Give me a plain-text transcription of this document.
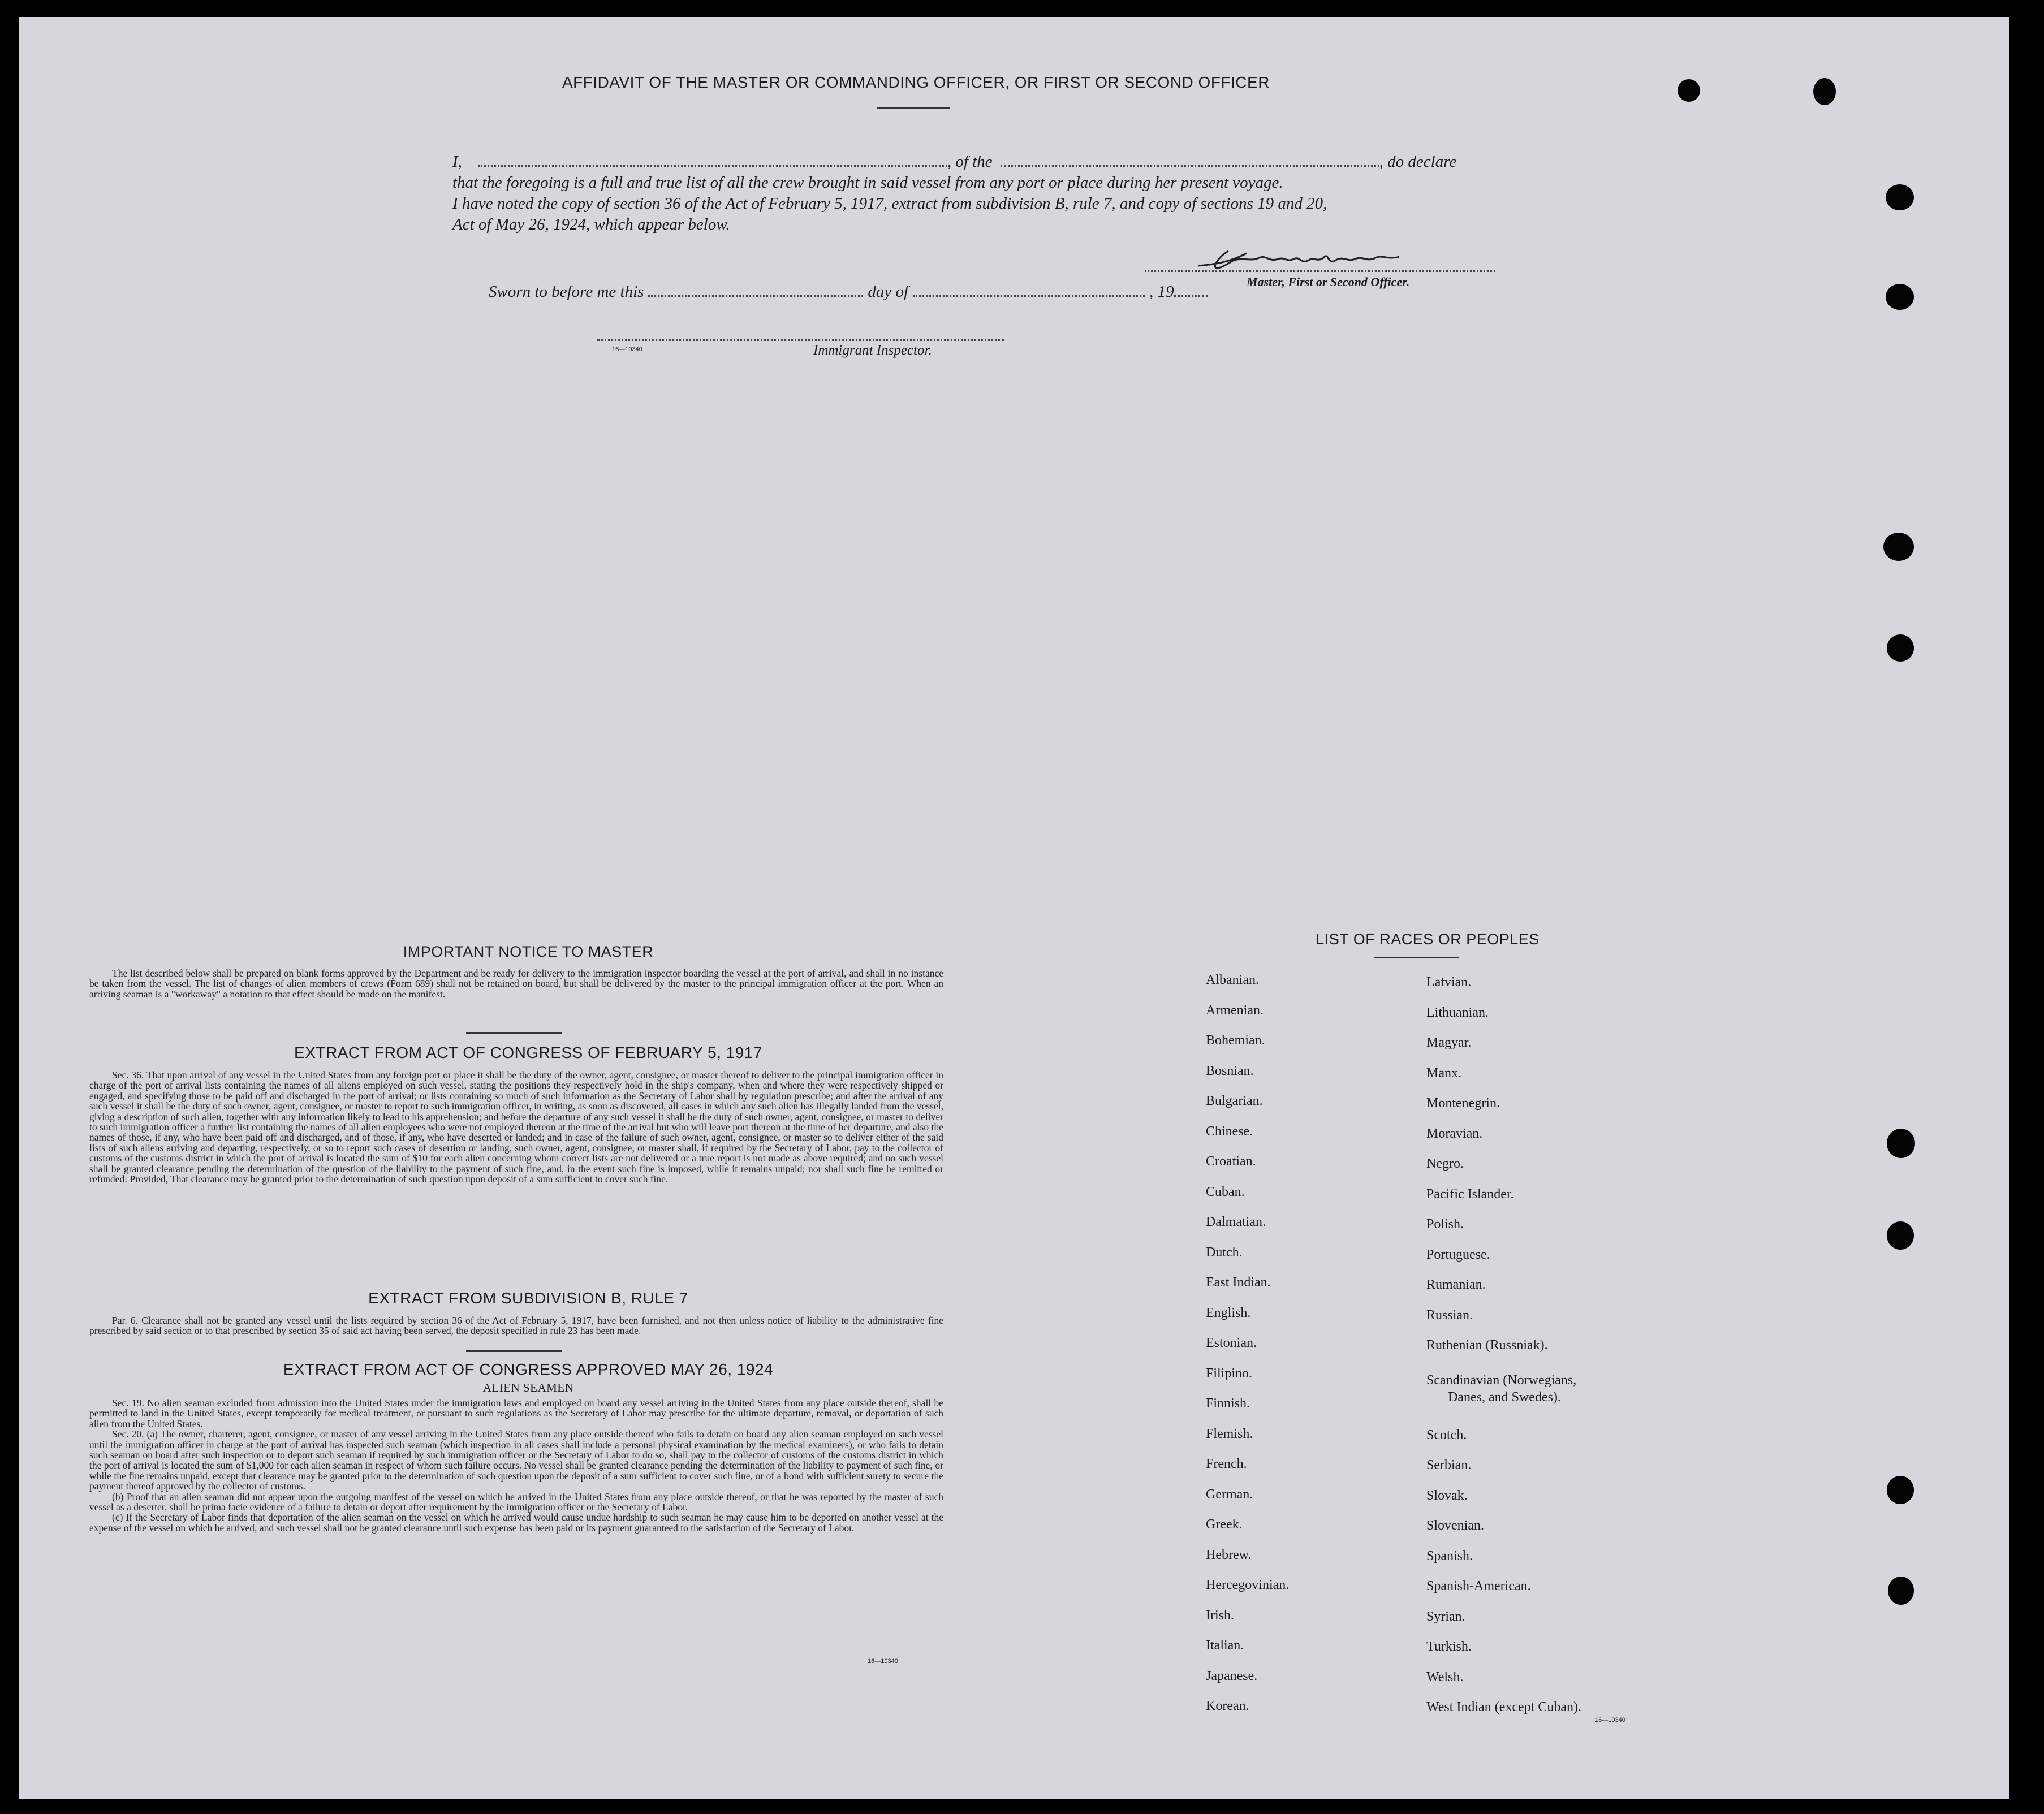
AFFIDAVIT OF THE MASTER OR COMMANDING OFFICER, OR FIRST OR SECOND OFFICER
I,	, of the	, do declare
that the foregoing is a full and true list of all the crew brought in said vessel from any port or place during her present voyage.
I have noted the copy of section 36 of the Act of February 5, 1917, extract from subdivision B, rule 7, and copy of sections 19 and 20,
Act of May 26, 1924, which appear below.
Master, First or Second Officer.
Sworn to before me this	day of	, 19
16—10340	Immigrant Inspector.
IMPORTANT NOTICE TO MASTER

The list described below shall be prepared on blank forms approved by the Department and be ready for delivery to the immigration inspector boarding the vessel at the port of arrival, and shall in no instance be taken from the vessel. The list of changes of alien members of crews (Form 689) shall not be retained on board, but shall be delivered by the master to the principal immigration officer at the port. When an arriving seaman is a "workaway" a notation to that effect should be made on the manifest.

EXTRACT FROM ACT OF CONGRESS OF FEBRUARY 5, 1917

Sec. 36. That upon arrival of any vessel in the United States from any foreign port or place it shall be the duty of the owner, agent, consignee, or master thereof to deliver to the principal immigration officer in charge of the port of arrival lists containing the names of all aliens employed on such vessel, stating the positions they respectively hold in the ship's company, when and where they were respectively shipped or engaged, and specifying those to be paid off and discharged in the port of arrival; or lists containing so much of such information as the Secretary of Labor shall by regulation prescribe; and after the arrival of any such vessel it shall be the duty of such owner, agent, consignee, or master to report to such immigration officer, in writing, as soon as discovered, all cases in which any such alien has illegally landed from the vessel, giving a description of such alien, together with any information likely to lead to his apprehension; and before the departure of any such vessel it shall be the duty of such owner, agent, consignee, or master to deliver to such immigration officer a further list containing the names of all alien employees who were not employed thereon at the time of the arrival but who will leave port thereon at the time of her departure, and also the names of those, if any, who have been paid off and discharged, and of those, if any, who have deserted or landed; and in case of the failure of such owner, agent, consignee, or master so to deliver either of the said lists of such aliens arriving and departing, respectively, or so to report such cases of desertion or landing, such owner, agent, consignee, or master shall, if required by the Secretary of Labor, pay to the collector of customs of the customs district in which the port of arrival is located the sum of $10 for each alien concerning whom correct lists are not delivered or a true report is not made as above required; and no such vessel shall be granted clearance pending the determination of the question of the liability to the payment of such fine, and, in the event such fine is imposed, while it remains unpaid; nor shall such fine be remitted or refunded: Provided, That clearance may be granted prior to the determination of such question upon deposit of a sum sufficient to cover such fine.

EXTRACT FROM SUBDIVISION B, RULE 7

Par. 6. Clearance shall not be granted any vessel until the lists required by section 36 of the Act of February 5, 1917, have been furnished, and not then unless notice of liability to the administrative fine prescribed by said section or to that prescribed by section 35 of said act having been served, the deposit specified in rule 23 has been made.

EXTRACT FROM ACT OF CONGRESS APPROVED MAY 26, 1924
ALIEN SEAMEN

Sec. 19. No alien seaman excluded from admission into the United States under the immigration laws and employed on board any vessel arriving in the United States from any place outside thereof, shall be permitted to land in the United States, except temporarily for medical treatment, or pursuant to such regulations as the Secretary of Labor may prescribe for the ultimate departure, removal, or deportation of such alien from the United States.

Sec. 20. (a) The owner, charterer, agent, consignee, or master of any vessel arriving in the United States from any place outside thereof who fails to detain on board any alien seaman employed on such vessel until the immigration officer in charge at the port of arrival has inspected such seaman (which inspection in all cases shall include a personal physical examination by the medical examiners), or who fails to detain such seaman on board after such inspection or to deport such seaman if required by such immigration officer or the Secretary of Labor to do so, shall pay to the collector of customs of the customs district in which the port of arrival is located the sum of $1,000 for each alien seaman in respect of whom such failure occurs. No vessel shall be granted clearance pending the determination of the liability to payment of such fine, or while the fine remains unpaid, except that clearance may be granted prior to the determination of such question upon the deposit of a sum sufficient to cover such fine, or of a bond with sufficient surety to secure the payment thereof approved by the collector of customs.

(b) Proof that an alien seaman did not appear upon the outgoing manifest of the vessel on which he arrived in the United States from any place outside thereof, or that he was reported by the master of such vessel as a deserter, shall be prima facie evidence of a failure to detain or deport after requirement by the immigration officer or the Secretary of Labor.

(c) If the Secretary of Labor finds that deportation of the alien seaman on the vessel on which he arrived would cause undue hardship to such seaman he may cause him to be deported on another vessel at the expense of the vessel on which he arrived, and such vessel shall not be granted clearance until such expense has been paid or its payment guaranteed to the satisfaction of the Secretary of Labor.

16—10340
LIST OF RACES OR PEOPLES
Albanian.
Armenian.
Bohemian.
Bosnian.
Bulgarian.
Chinese.
Croatian.
Cuban.
Dalmatian.
Dutch.
East Indian.
English.
Estonian.
Filipino.
Finnish.
Flemish.
French.
German.
Greek.
Hebrew.
Hercegovinian.
Irish.
Italian.
Japanese.
Korean.
Latvian.
Lithuanian.
Magyar.
Manx.
Montenegrin.
Moravian.
Negro.
Pacific Islander.
Polish.
Portuguese.
Rumanian.
Russian.
Ruthenian (Russniak).
Scandinavian (Norwegians,
Danes, and Swedes).
Scotch.
Serbian.
Slovak.
Slovenian.
Spanish.
Spanish-American.
Syrian.
Turkish.
Welsh.
West Indian (except Cuban).
16—10340
